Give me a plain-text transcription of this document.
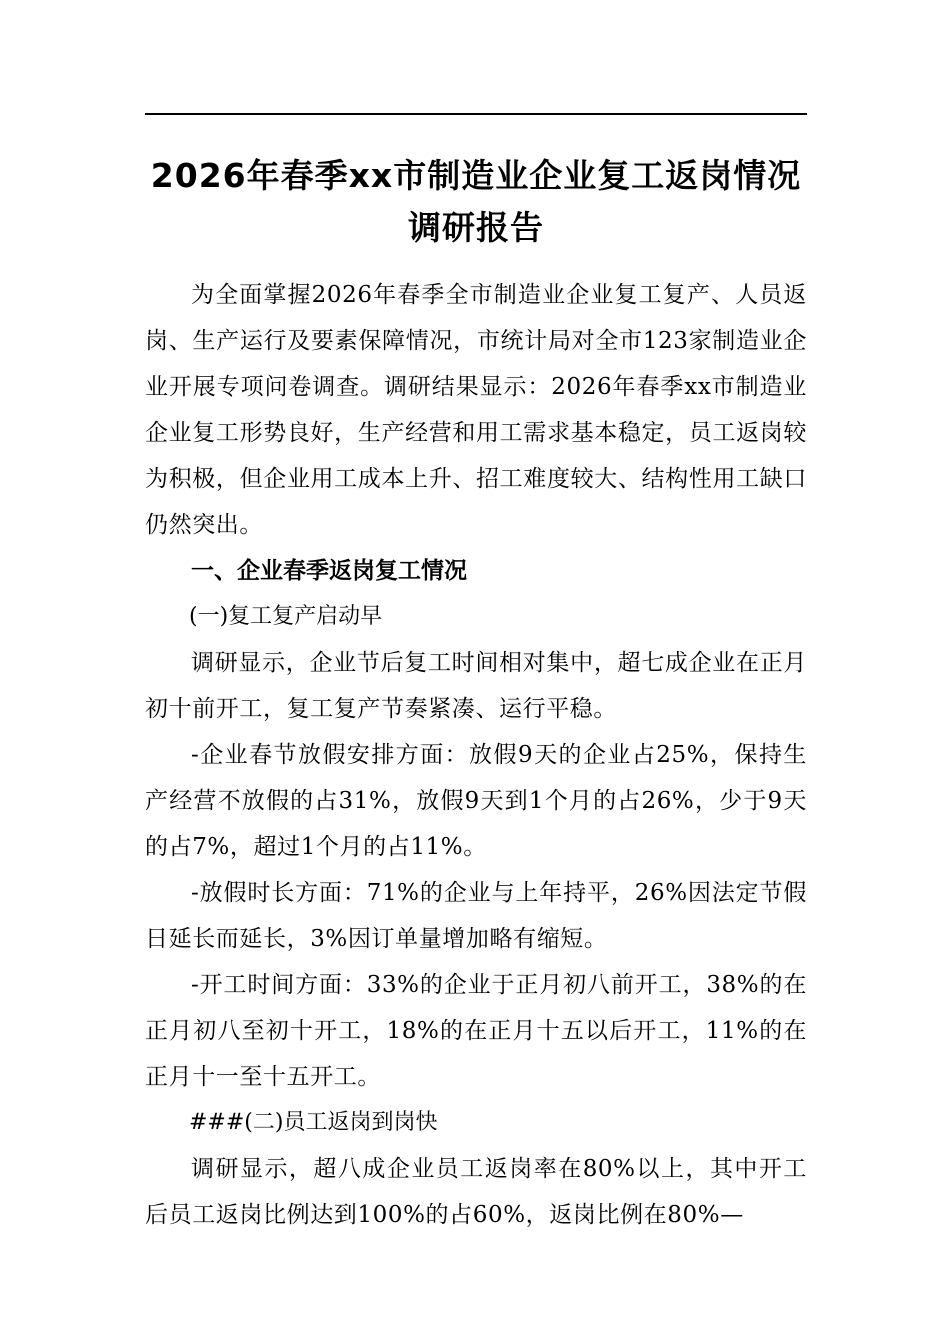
2026年春季xx市制造业企业复工返岗情况
调研报告

为全面掌握2026年春季全市制造业企业复工复产、人员返岗、生产运行及要素保障情况，市统计局对全市123家制造业企业开展专项问卷调查。调研结果显示：2026年春季xx市制造业企业复工形势良好，生产经营和用工需求基本稳定，员工返岗较为积极，但企业用工成本上升、招工难度较大、结构性用工缺口仍然突出。

一、企业春季返岗复工情况

(一)复工复产启动早

调研显示，企业节后复工时间相对集中，超七成企业在正月初十前开工，复工复产节奏紧凑、运行平稳。

-企业春节放假安排方面：放假9天的企业占25%，保持生产经营不放假的占31%，放假9天到1个月的占26%，少于9天的占7%，超过1个月的占11%。

-放假时长方面：71%的企业与上年持平，26%因法定节假日延长而延长，3%因订单量增加略有缩短。

-开工时间方面：33%的企业于正月初八前开工，38%的在正月初八至初十开工，18%的在正月十五以后开工，11%的在正月十一至十五开工。

###(二)员工返岗到岗快

调研显示，超八成企业员工返岗率在80%以上，其中开工后员工返岗比例达到100%的占60%，返岗比例在80%—
